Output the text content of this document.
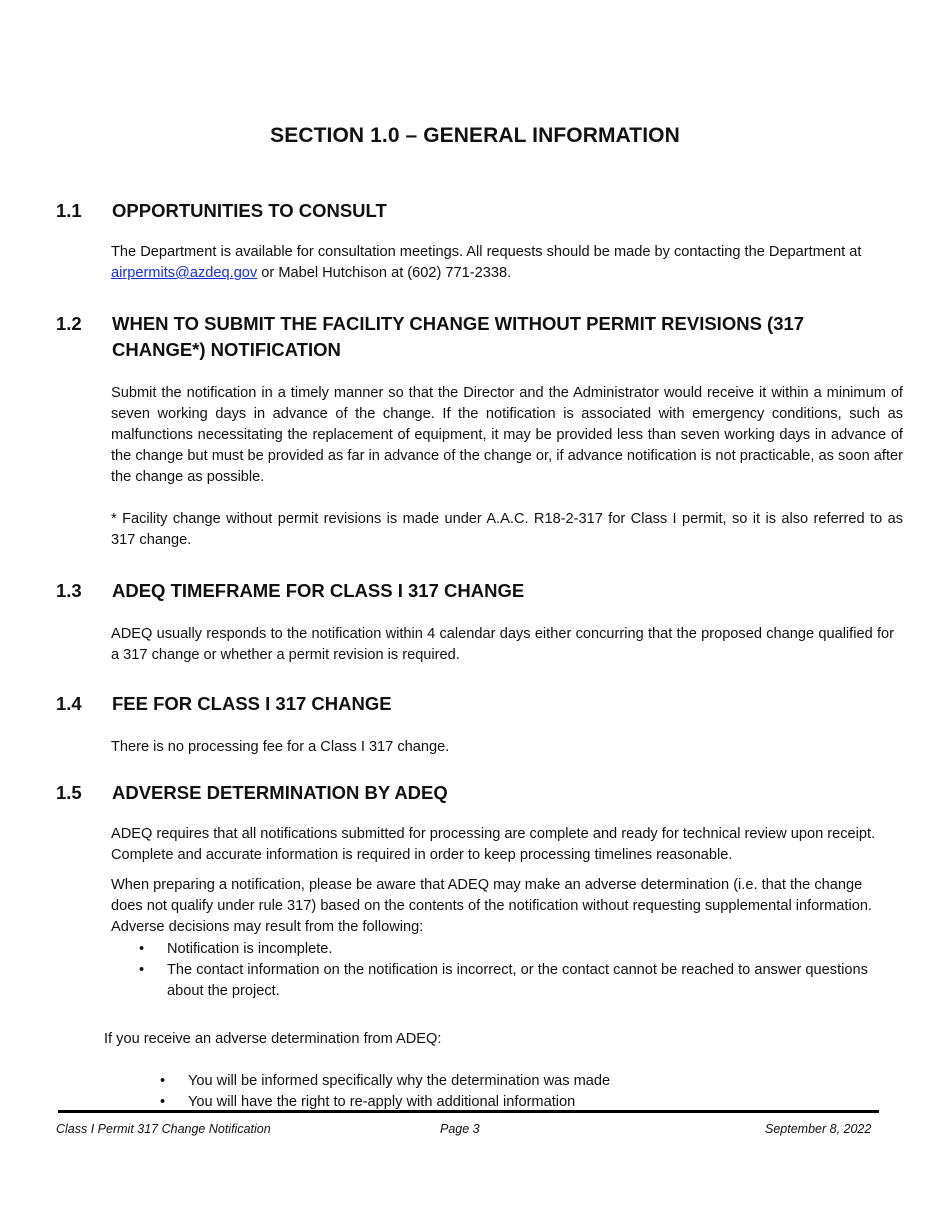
SECTION 1.0 – GENERAL INFORMATION
1.1	OPPORTUNITIES TO CONSULT
The Department is available for consultation meetings. All requests should be made by contacting the Department at airpermits@azdeq.gov or Mabel Hutchison at (602) 771-2338.
1.2	WHEN TO SUBMIT THE FACILITY CHANGE WITHOUT PERMIT REVISIONS (317 CHANGE*) NOTIFICATION
Submit the notification in a timely manner so that the Director and the Administrator would receive it within a minimum of seven working days in advance of the change. If the notification is associated with emergency conditions, such as malfunctions necessitating the replacement of equipment, it may be provided less than seven working days in advance of the change but must be provided as far in advance of the change or, if advance notification is not practicable, as soon after the change as possible.
* Facility change without permit revisions is made under A.A.C. R18-2-317 for Class I permit, so it is also referred to as 317 change.
1.3	ADEQ TIMEFRAME FOR CLASS I 317 CHANGE
ADEQ usually responds to the notification within 4 calendar days either concurring that the proposed change qualified for a 317 change or whether a permit revision is required.
1.4	FEE FOR CLASS I 317 CHANGE
There is no processing fee for a Class I 317 change.
1.5	ADVERSE DETERMINATION BY ADEQ
ADEQ requires that all notifications submitted for processing are complete and ready for technical review upon receipt. Complete and accurate information is required in order to keep processing timelines reasonable.
When preparing a notification, please be aware that ADEQ may make an adverse determination (i.e. that the change does not qualify under rule 317) based on the contents of the notification without requesting supplemental information. Adverse decisions may result from the following:
• Notification is incomplete.
• The contact information on the notification is incorrect, or the contact cannot be reached to answer questions about the project.
If you receive an adverse determination from ADEQ:
• You will be informed specifically why the determination was made
• You will have the right to re-apply with additional information
Class I Permit 317 Change Notification	Page 3	September 8, 2022
